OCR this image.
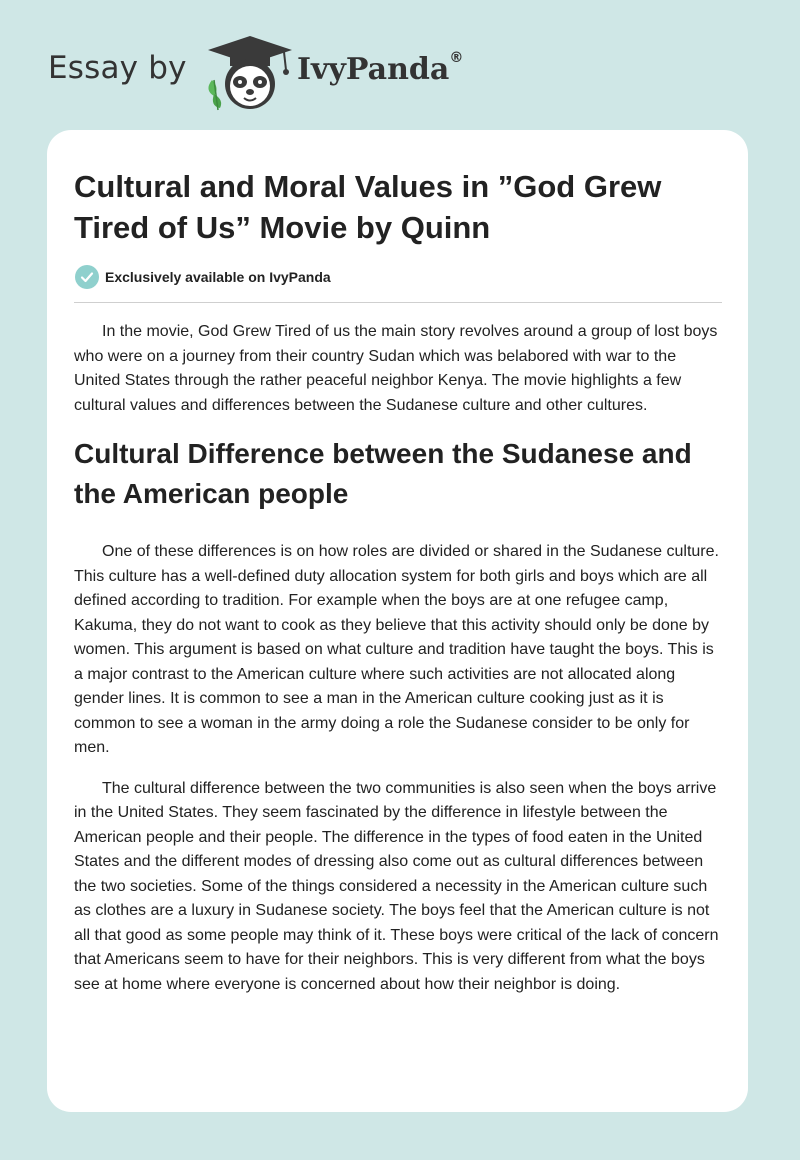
Essay by	IvyPanda®
Cultural and Moral Values in ”God Grew Tired of Us” Movie by Quinn
Exclusively available on IvyPanda

In the movie, God Grew Tired of us the main story revolves around a group of lost boys who were on a journey from their country Sudan which was belabored with war to the United States through the rather peaceful neighbor Kenya. The movie highlights a few cultural values and differences between the Sudanese culture and other cultures.

Cultural Difference between the Sudanese and the American people

One of these differences is on how roles are divided or shared in the Sudanese culture. This culture has a well-defined duty allocation system for both girls and boys which are all defined according to tradition. For example when the boys are at one refugee camp, Kakuma, they do not want to cook as they believe that this activity should only be done by women. This argument is based on what culture and tradition have taught the boys. This is a major contrast to the American culture where such activities are not allocated along gender lines. It is common to see a man in the American culture cooking just as it is common to see a woman in the army doing a role the Sudanese consider to be only for men.

The cultural difference between the two communities is also seen when the boys arrive in the United States. They seem fascinated by the difference in lifestyle between the American people and their people. The difference in the types of food eaten in the United States and the different modes of dressing also come out as cultural differences between the two societies. Some of the things considered a necessity in the American culture such as clothes are a luxury in Sudanese society. The boys feel that the American culture is not all that good as some people may think of it. These boys were critical of the lack of concern that Americans seem to have for their neighbors. This is very different from what the boys see at home where everyone is concerned about how their neighbor is doing.
